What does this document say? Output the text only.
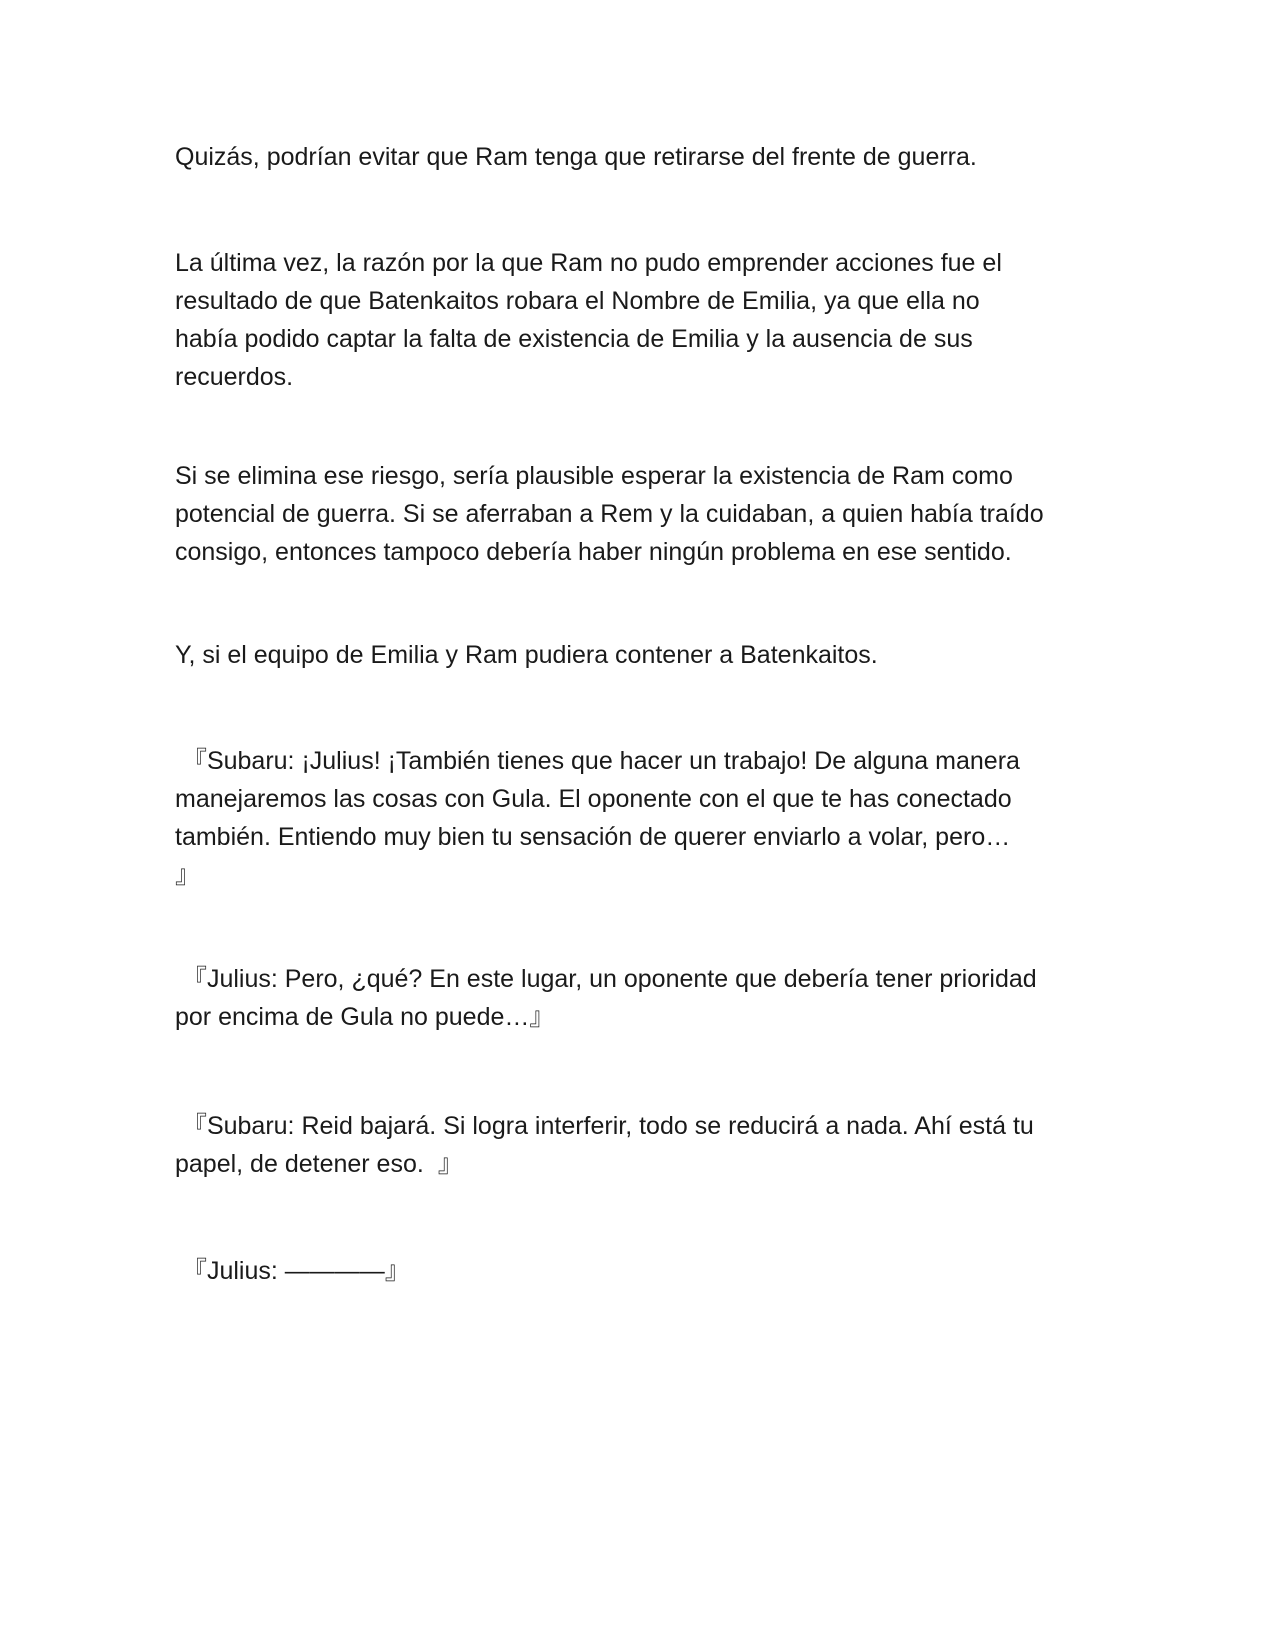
Quizás, podrían evitar que Ram tenga que retirarse del frente de guerra.

La última vez, la razón por la que Ram no pudo emprender acciones fue el
resultado de que Batenkaitos robara el Nombre de Emilia, ya que ella no
había podido captar la falta de existencia de Emilia y la ausencia de sus
recuerdos.

Si se elimina ese riesgo, sería plausible esperar la existencia de Ram como
potencial de guerra. Si se aferraban a Rem y la cuidaban, a quien había traído
consigo, entonces tampoco debería haber ningún problema en ese sentido.

Y, si el equipo de Emilia y Ram pudiera contener a Batenkaitos.

『Subaru: ¡Julius! ¡También tienes que hacer un trabajo! De alguna manera
manejaremos las cosas con Gula. El oponente con el que te has conectado
también. Entiendo muy bien tu sensación de querer enviarlo a volar, pero…
』

『Julius: Pero, ¿qué? En este lugar, un oponente que debería tener prioridad
por encima de Gula no puede…』

『Subaru: Reid bajará. Si logra interferir, todo se reducirá a nada. Ahí está tu
papel, de detener eso.  』

『Julius: ————』
